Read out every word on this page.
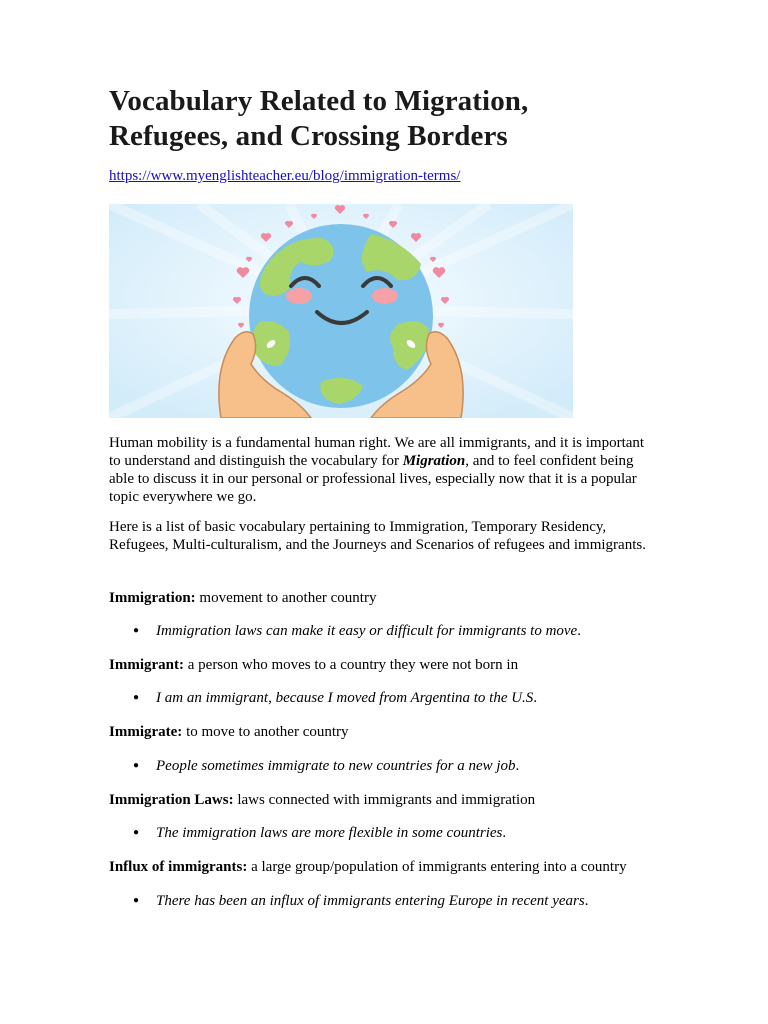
Vocabulary Related to Migration,
Refugees, and Crossing Borders
https://www.myenglishteacher.eu/blog/immigration-terms/

Human mobility is a fundamental human right. We are all immigrants, and it is important to understand and distinguish the vocabulary for Migration, and to feel confident being able to discuss it in our personal or professional lives, especially now that it is a popular topic everywhere we go.

Here is a list of basic vocabulary pertaining to Immigration, Temporary Residency, Refugees, Multi-culturalism, and the Journeys and Scenarios of refugees and immigrants.

Immigration: movement to another country

● Immigration laws can make it easy or difficult for immigrants to move.

Immigrant: a person who moves to a country they were not born in

● I am an immigrant, because I moved from Argentina to the U.S.

Immigrate: to move to another country

● People sometimes immigrate to new countries for a new job.

Immigration Laws: laws connected with immigrants and immigration

● The immigration laws are more flexible in some countries.

Influx of immigrants: a large group/population of immigrants entering into a country

● There has been an influx of immigrants entering Europe in recent years.
